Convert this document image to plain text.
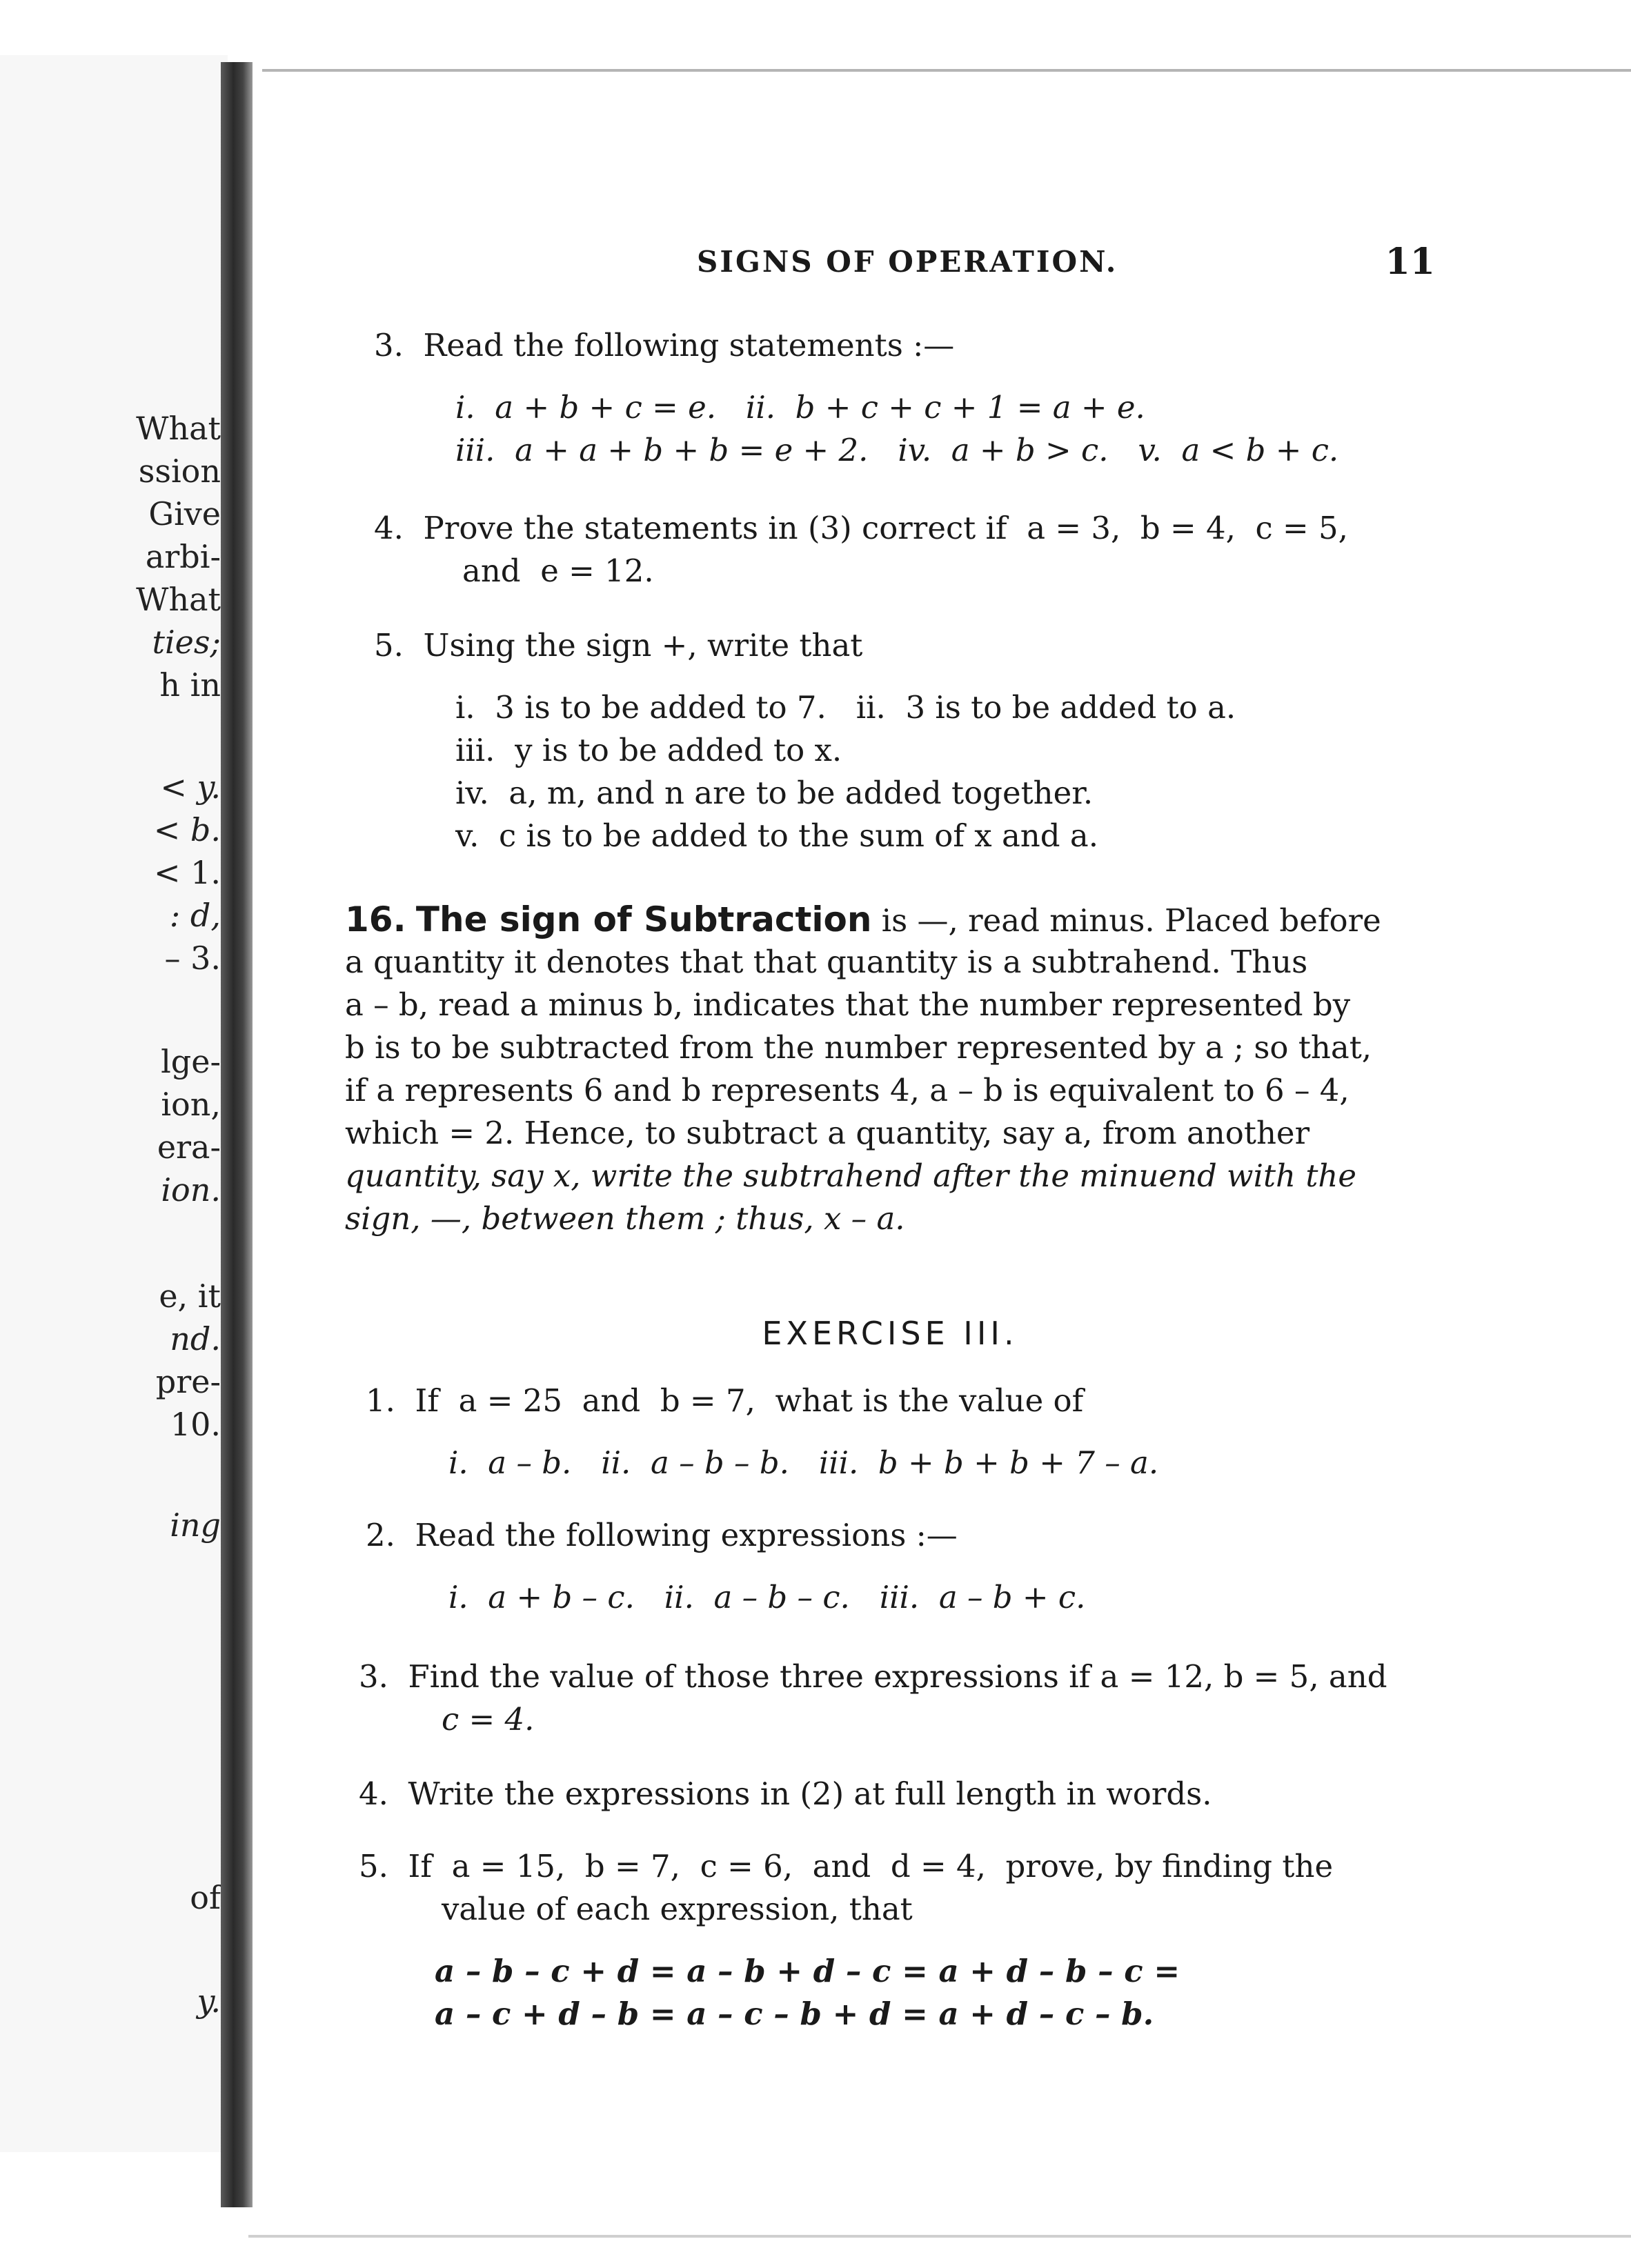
What
ssion
Give
arbi-
What
ties;
h in
< y.
< b.
< 1.
: d,
– 3.
lge-
ion,
era-
ion.
e, it
nd.
pre-
10.
ing
of
y.
SIGNS OF OPERATION.	11
3. Read the following statements :—
i.  a + b + c = e.   ii.  b + c + c + 1 = a + e.
iii.  a + a + b + b = e + 2.   iv.  a + b > c.   v.  a < b + c.
4. Prove the statements in (3) correct if  a = 3,  b = 4,  c = 5,
and  e = 12.
5. Using the sign +, write that
i.  3 is to be added to 7.   ii.  3 is to be added to a.
iii.  y is to be added to x.
iv.  a, m, and n are to be added together.
v.  c is to be added to the sum of x and a.
16. The sign of Subtraction is —, read minus. Placed before
a quantity it denotes that that quantity is a subtrahend. Thus
a – b, read a minus b, indicates that the number represented by
b is to be subtracted from the number represented by a ; so that,
if a represents 6 and b represents 4, a – b is equivalent to 6 – 4,
which = 2. Hence, to subtract a quantity, say a, from another
quantity, say x, write the subtrahend after the minuend with the
sign, —, between them ; thus, x – a.
EXERCISE III.
1. If  a = 25  and  b = 7,  what is the value of
i.  a – b.   ii.  a – b – b.   iii.  b + b + b + 7 – a.
2. Read the following expressions :—
i.  a + b – c.   ii.  a – b – c.   iii.  a – b + c.
3. Find the value of those three expressions if a = 12, b = 5, and
c = 4.
4. Write the expressions in (2) at full length in words.
5. If  a = 15,  b = 7,  c = 6,  and  d = 4,  prove, by finding the
value of each expression, that
a – b – c + d = a – b + d – c = a + d – b – c =
a – c + d – b = a – c – b + d = a + d – c – b.
